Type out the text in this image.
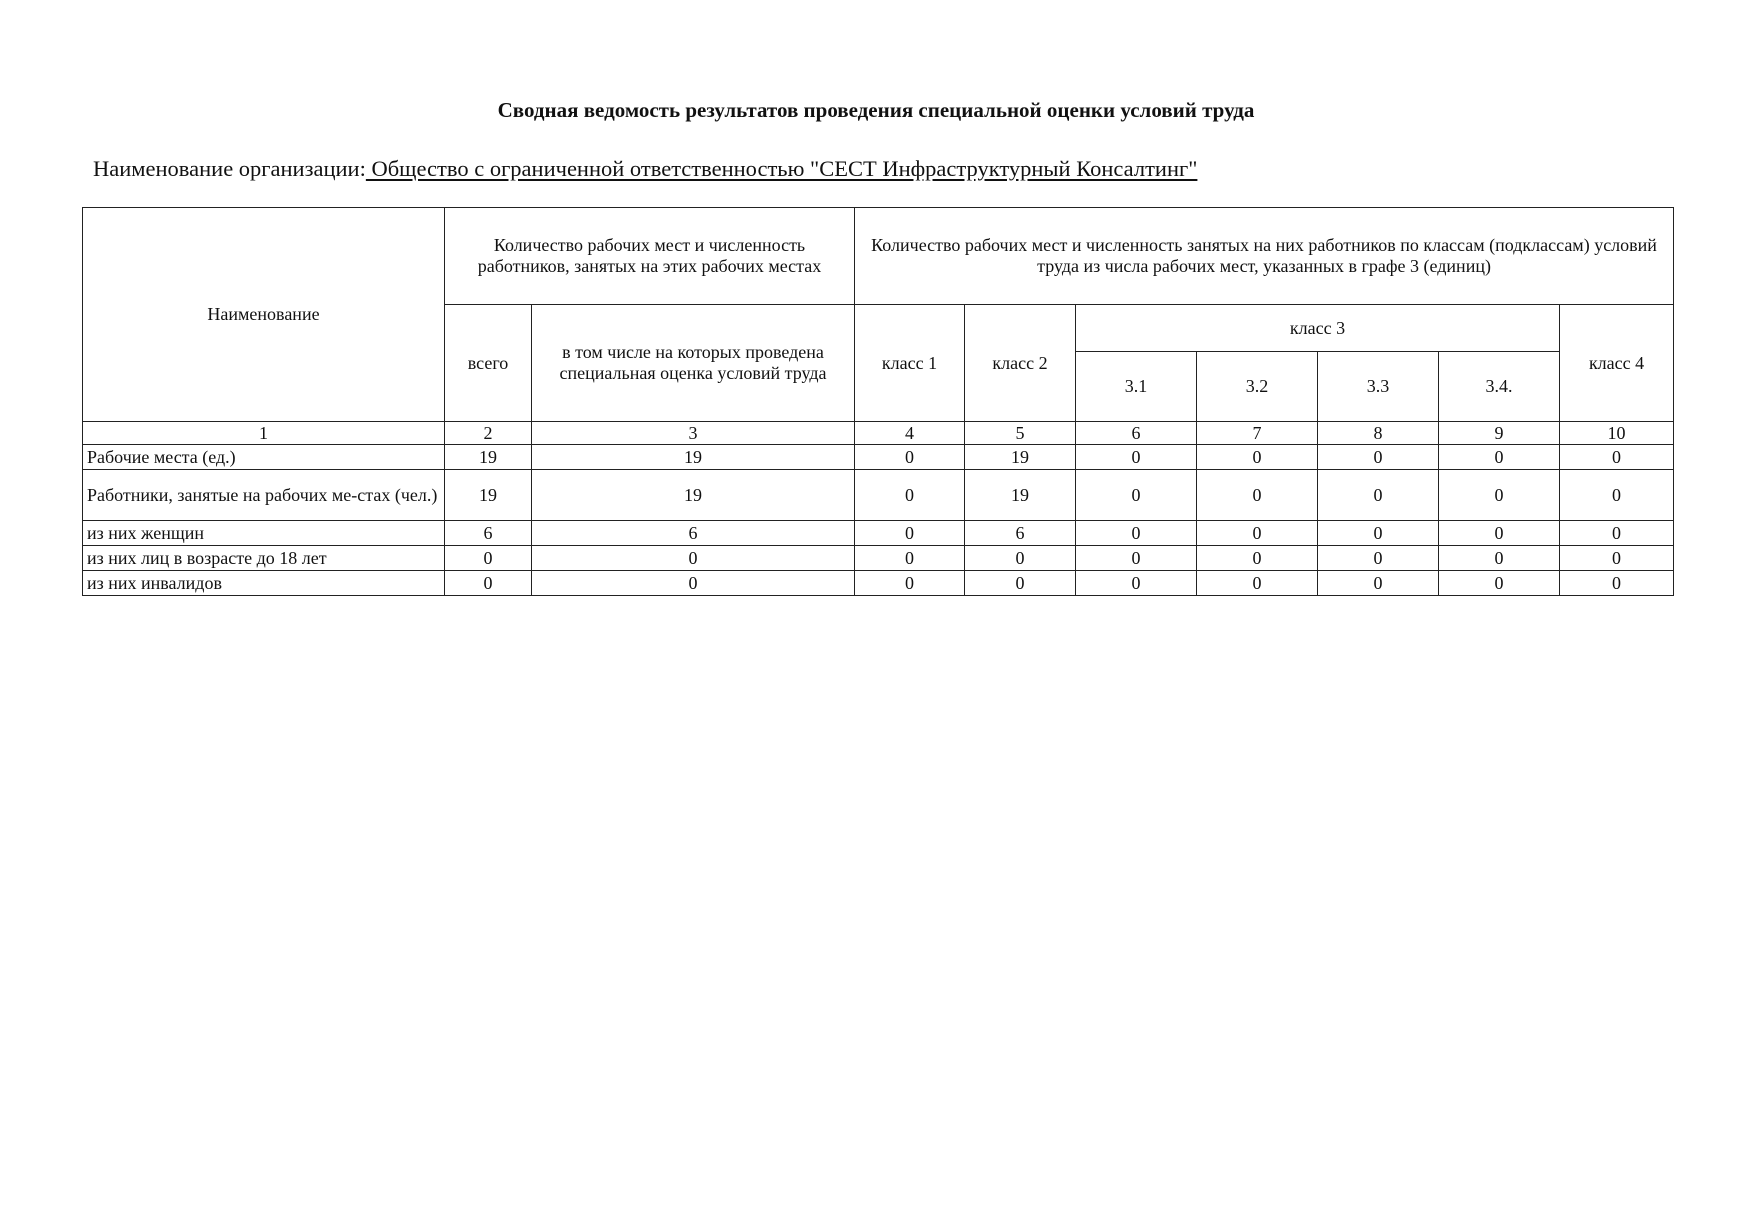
Сводная ведомость результатов проведения специальной оценки условий труда
Наименование организации: Общество с ограниченной ответственностью "СЕСТ Инфраструктурный Консалтинг"
Наименование	Количество рабочих мест и численность работников, занятых на этих рабочих местах		Количество рабочих мест и численность занятых на них работников по классам (подклассам) условий труда из числа рабочих мест, указанных в графе 3 (единиц)						
	всего	в том числе на которых проведена специальная оценка условий труда	класс 1	класс 2	класс 3				класс 4
					3.1	3.2	3.3	3.4.	
1	2	3	4	5	6	7	8	9	10
Рабочие места (ед.)	19	19	0	19	0	0	0	0	0
Работники, занятые на рабочих ме-стах (чел.)	19	19	0	19	0	0	0	0	0
из них женщин	6	6	0	6	0	0	0	0	0
из них лиц в возрасте до 18 лет	0	0	0	0	0	0	0	0	0
из них инвалидов	0	0	0	0	0	0	0	0	0
